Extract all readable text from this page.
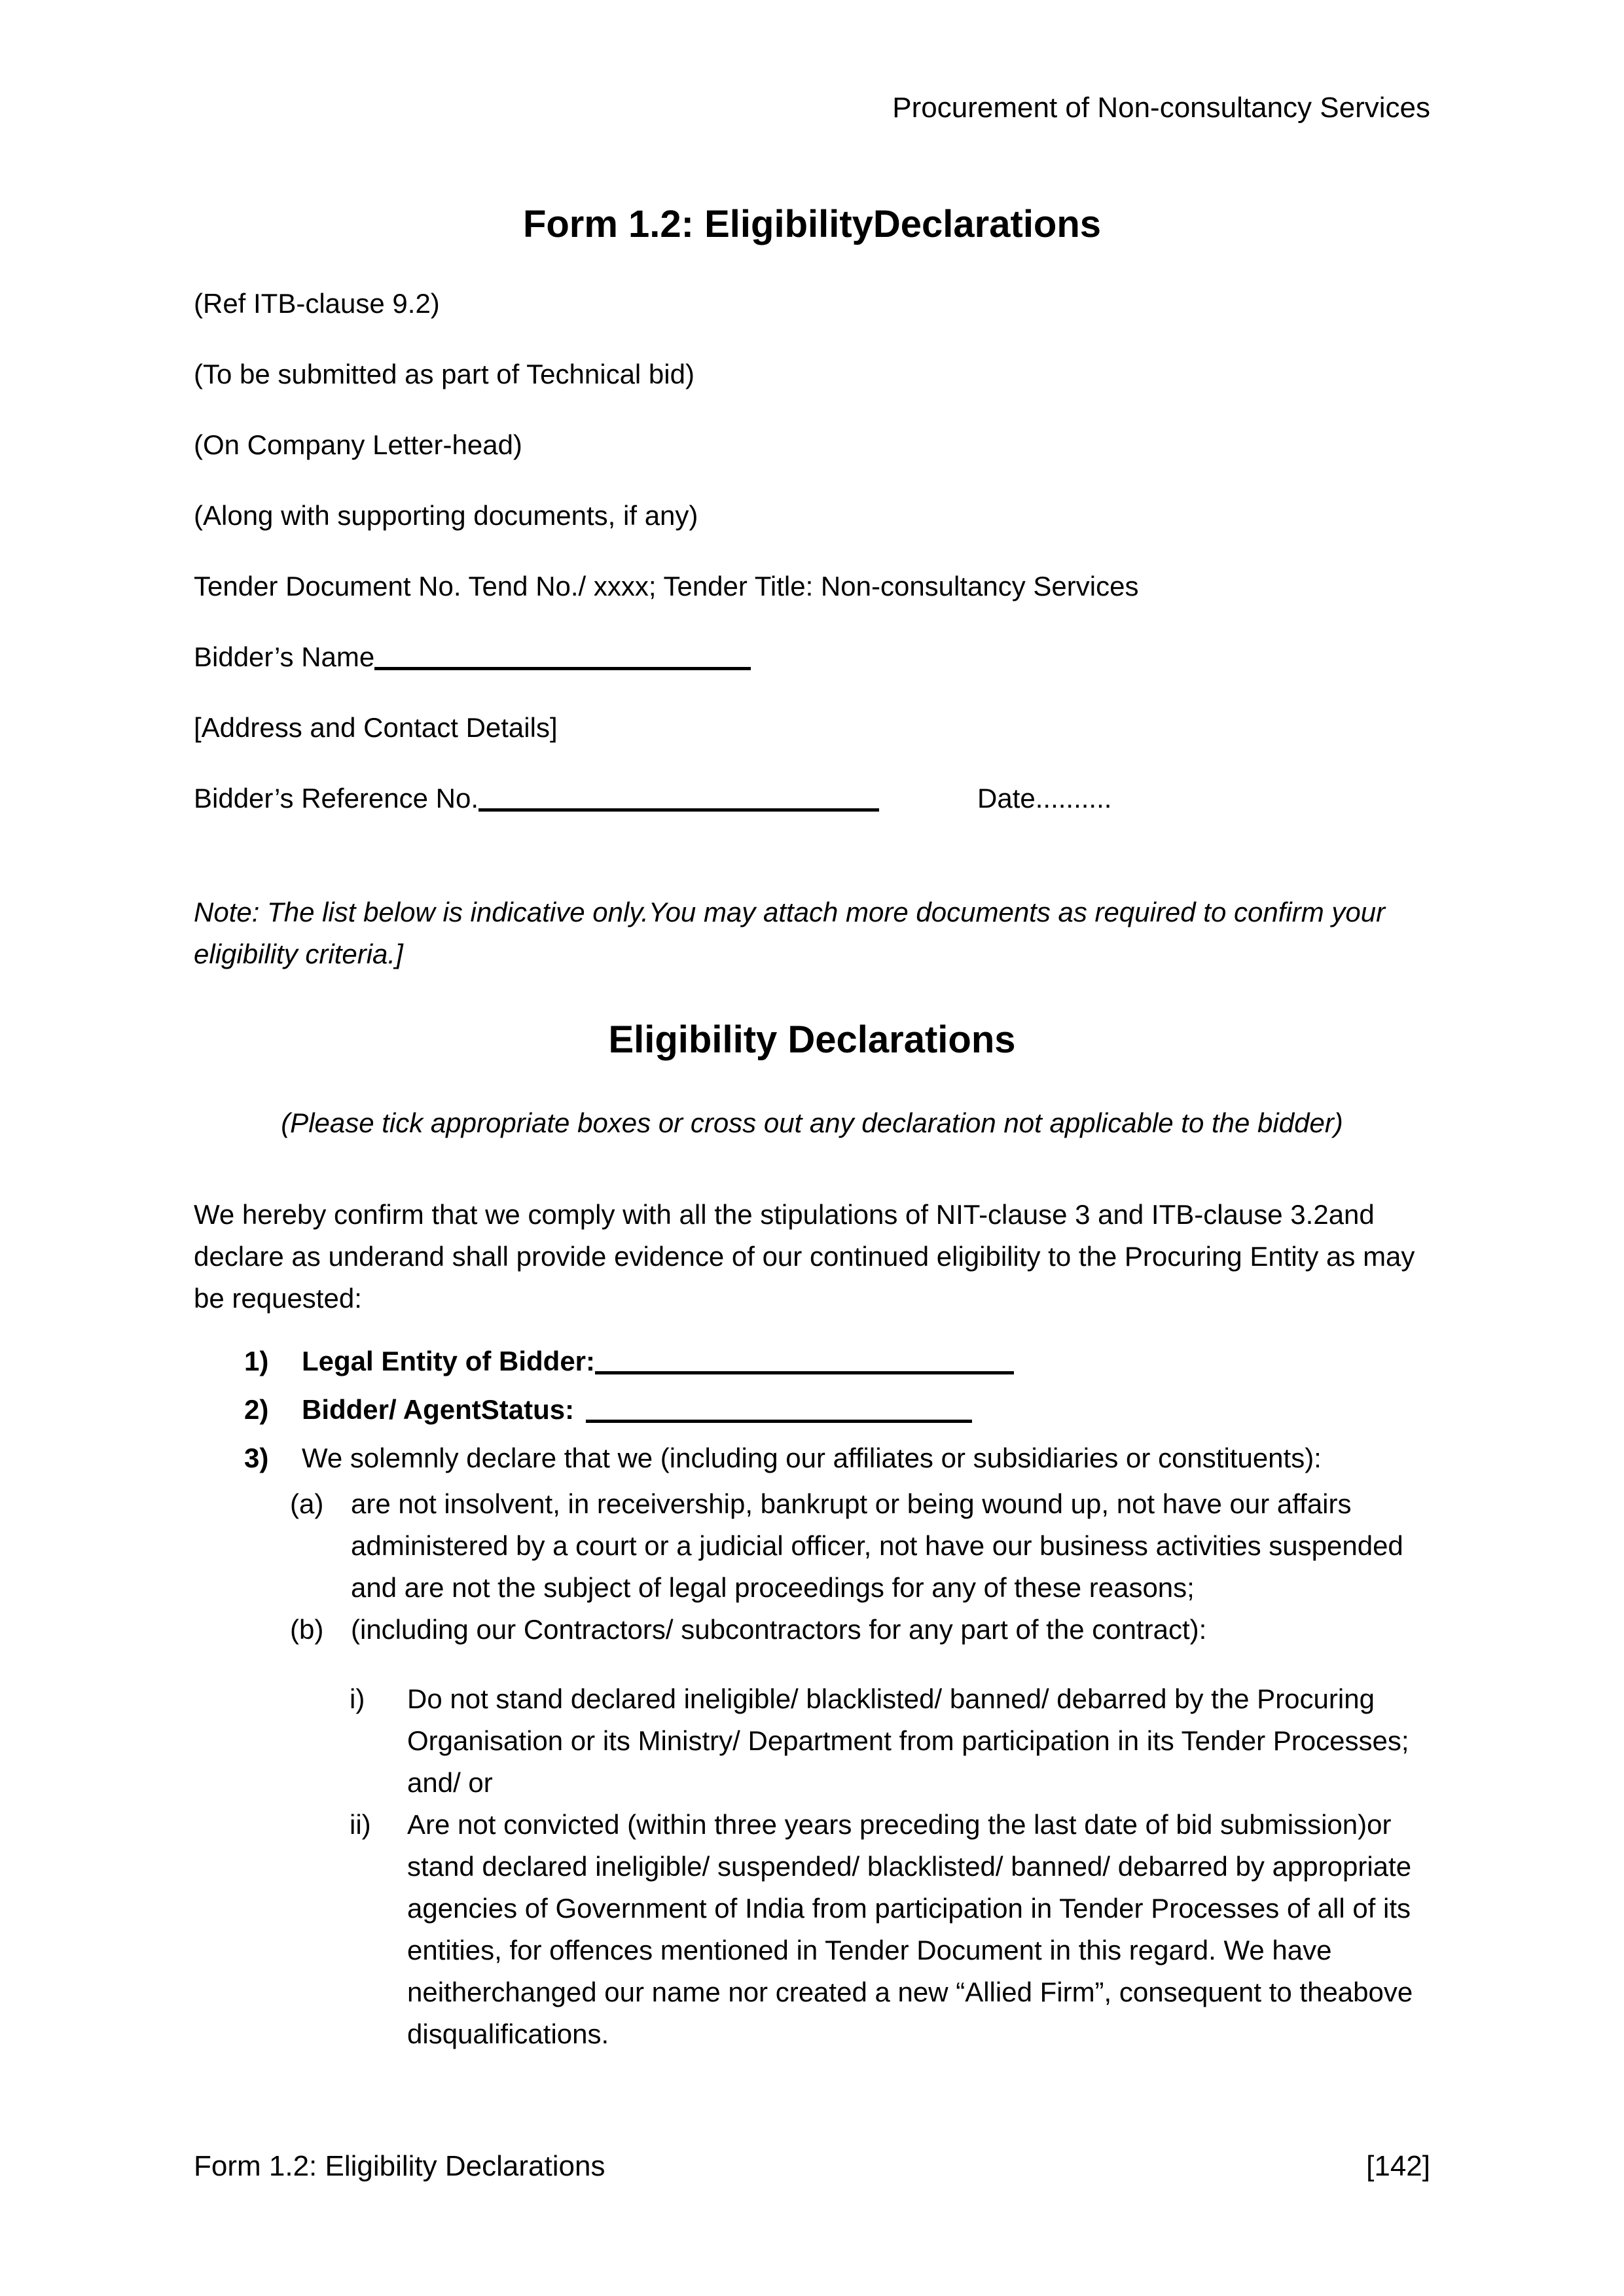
Procurement of Non-consultancy Services
Form 1.2: EligibilityDeclarations

(Ref ITB-clause 9.2)

(To be submitted as part of Technical bid)

(On Company Letter-head)

(Along with supporting documents, if any)

Tender Document No. Tend No./ xxxx; Tender Title: Non-consultancy Services

Bidder’s Name

[Address and Contact Details]

Bidder’s Reference No.	Date..........

Note: The list below is indicative only.You may attach more documents as required to confirm your eligibility criteria.]

Eligibility Declarations

(Please tick appropriate boxes or cross out any declaration not applicable to the bidder)

We hereby confirm that we comply with all the stipulations of NIT-clause 3 and ITB-clause 3.2and declare as underand shall provide evidence of our continued eligibility to the Procuring Entity as may be requested:

1)	Legal Entity of Bidder:
2)	Bidder/ AgentStatus:
3)	We solemnly declare that we (including our affiliates or subsidiaries or constituents):
(a) are not insolvent, in receivership, bankrupt or being wound up, not have our affairs administered by a court or a judicial officer, not have our business activities suspended and are not the subject of legal proceedings for any of these reasons;
(b) (including our Contractors/ subcontractors for any part of the contract):
i)	Do not stand declared ineligible/ blacklisted/ banned/ debarred by the Procuring Organisation or its Ministry/ Department from participation in its Tender Processes; and/ or
ii)	Are not convicted (within three years preceding the last date of bid submission)or stand declared ineligible/ suspended/ blacklisted/ banned/ debarred by appropriate agencies of Government of India from participation in Tender Processes of all of its entities, for offences mentioned in Tender Document in this regard. We have neitherchanged our name nor created a new “Allied Firm”, consequent to theabove disqualifications.
Form 1.2: Eligibility Declarations	[142]
